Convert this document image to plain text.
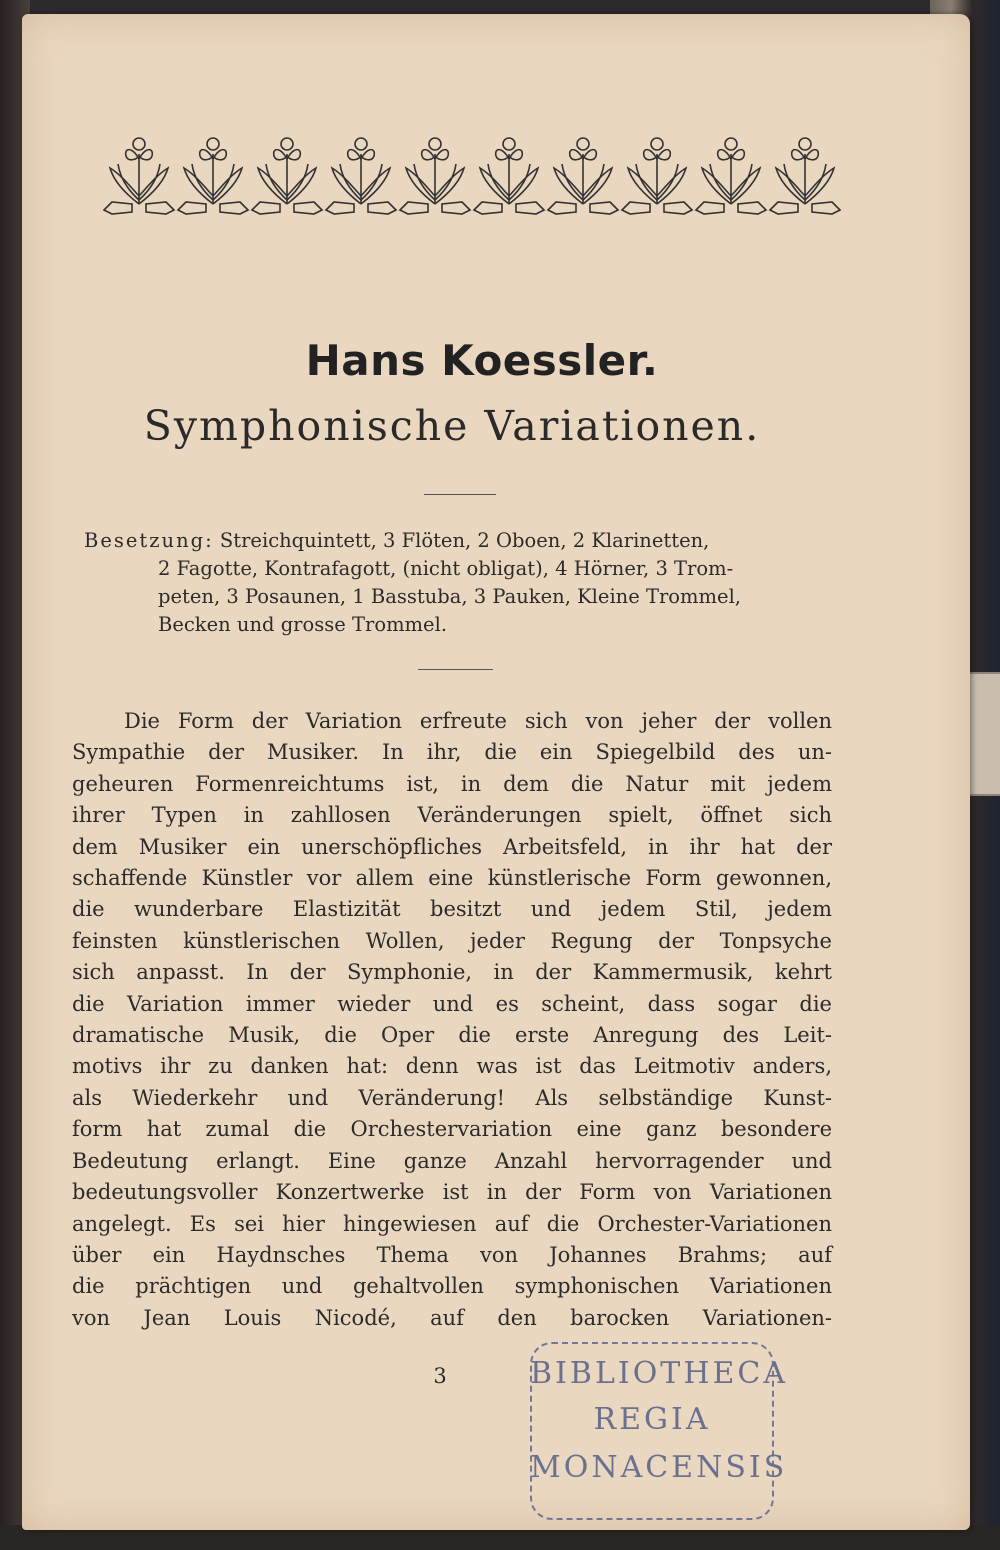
Hans Koessler.
Symphonische Variationen.
Besetzung: Streichquintett, 3 Flöten, 2 Oboen, 2 Klarinetten,
2 Fagotte, Kontrafagott, (nicht obligat), 4 Hörner, 3 Trom-
peten, 3 Posaunen, 1 Basstuba, 3 Pauken, Kleine Trommel,
Becken und grosse Trommel.
Die Form der Variation erfreute sich von jeher der vollen
Sympathie der Musiker. In ihr, die ein Spiegelbild des un-
geheuren Formenreichtums ist, in dem die Natur mit jedem
ihrer Typen in zahllosen Veränderungen spielt, öffnet sich
dem Musiker ein unerschöpfliches Arbeitsfeld, in ihr hat der
schaffende Künstler vor allem eine künstlerische Form gewonnen,
die wunderbare Elastizität besitzt und jedem Stil, jedem
feinsten künstlerischen Wollen, jeder Regung der Tonpsyche
sich anpasst. In der Symphonie, in der Kammermusik, kehrt
die Variation immer wieder und es scheint, dass sogar die
dramatische Musik, die Oper die erste Anregung des Leit-
motivs ihr zu danken hat: denn was ist das Leitmotiv anders,
als Wiederkehr und Veränderung! Als selbständige Kunst-
form hat zumal die Orchestervariation eine ganz besondere
Bedeutung erlangt. Eine ganze Anzahl hervorragender und
bedeutungsvoller Konzertwerke ist in der Form von Variationen
angelegt. Es sei hier hingewiesen auf die Orchester-Variationen
über ein Haydnsches Thema von Johannes Brahms; auf
die prächtigen und gehaltvollen symphonischen Variationen
von Jean Louis Nicodé, auf den barocken Variationen-
3	BIBLIOTHECA
REGIA
MONACENSIS
